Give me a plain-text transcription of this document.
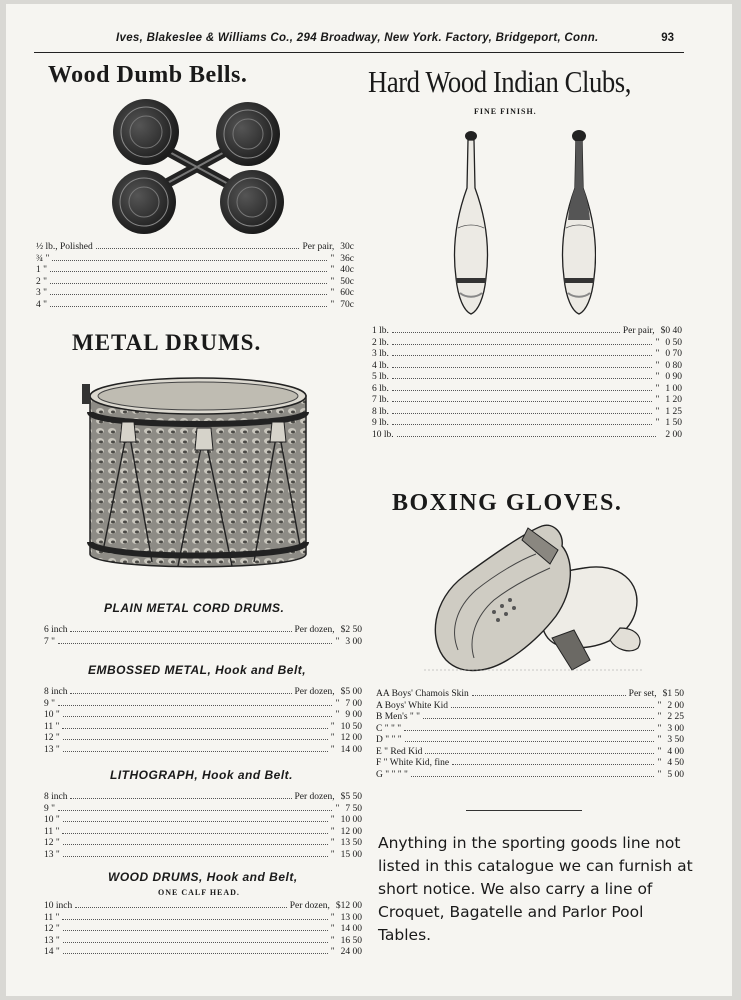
Ives, Blakeslee & Williams Co., 294 Broadway, New York. Factory, Bridgeport, Conn.	93
Wood Dumb Bells.
½ lb., Polished	Per pair, 30c
¾ "	" 36c
1 "	" 40c
2 "	" 50c
3 "	" 60c
4 "	" 70c
Hard Wood Indian Clubs,
FINE FINISH.
1 lb.	Per pair, $0 40
2 lb.	" 0 50
3 lb.	" 0 70
4 lb.	" 0 80
5 lb.	" 0 90
6 lb.	" 1 00
7 lb.	" 1 20
8 lb.	" 1 25
9 lb.	" 1 50
10 lb.	2 00
METAL DRUMS.
PLAIN METAL CORD DRUMS.
6 inch	Per dozen, $2 50
7 "	" 3 00
EMBOSSED METAL, Hook and Belt,
8 inch	Per dozen, $5 00
9 "	" 7 00
10 "	" 9 00
11 "	" 10 50
12 "	" 12 00
13 "	" 14 00
LITHOGRAPH, Hook and Belt.
8 inch	Per dozen, $5 50
9 "	" 7 50
10 "	" 10 00
11 "	" 12 00
12 "	" 13 50
13 "	" 15 00
WOOD DRUMS, Hook and Belt,
ONE CALF HEAD.
10 inch	Per dozen, $12 00
11 "	" 13 00
12 "	" 14 00
13 "	" 16 50
14 "	" 24 00
BOXING GLOVES.
AA Boys' Chamois Skin	Per set, $1 50
A Boys' White Kid	" 2 00
B Men's " "	" 2 25
C " " "	" 3 00
D " " "	" 3 50
E " Red Kid	" 4 00
F " White Kid, fine	" 4 50
G " " " "	" 5 00
Anything in the sporting goods line not listed in this catalogue we can furnish at short notice. We also carry a line of Croquet, Bagatelle and Parlor Pool Tables.
